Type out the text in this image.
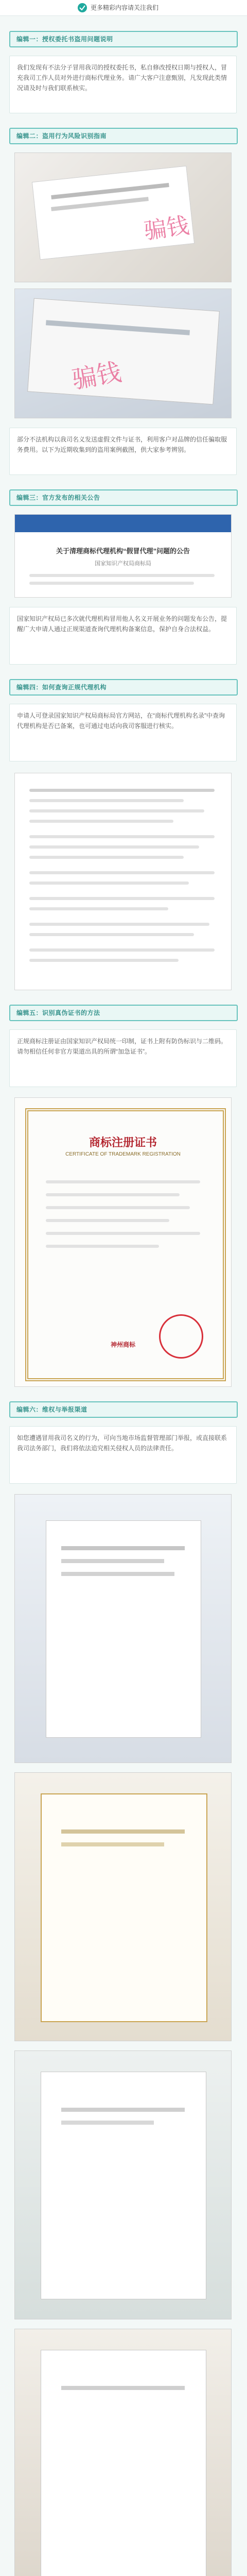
更多精彩内容请关注我们
编辑一：授权委托书盗用问题说明

我们发现有不法分子冒用我司的授权委托书，私自修改授权日期与授权人，冒充我司工作人员对外进行商标代理业务。请广大客户注意甄别，凡发现此类情况请及时与我们联系核实。

编辑二：盗用行为风险识别指南
骗钱
骗钱

部分不法机构以我司名义发送虚假文件与证书，利用客户对品牌的信任骗取服务费用。以下为近期收集到的盗用案例截图，供大家参考辨别。

编辑三：官方发布的相关公告
关于清理商标代理机构“假冒代理”问题的公告
国家知识产权局商标局

国家知识产权局已多次就代理机构冒用他人名义开展业务的问题发布公告，提醒广大申请人通过正规渠道查询代理机构备案信息，保护自身合法权益。

编辑四：如何查询正规代理机构

申请人可登录国家知识产权局商标局官方网站，在“商标代理机构名录”中查询代理机构是否已备案，也可通过电话向我司客服进行核实。

编辑五：识别真伪证书的方法

正规商标注册证由国家知识产权局统一印制，证书上附有防伪标识与二维码。请勿相信任何非官方渠道出具的所谓“加急证书”。

商标注册证书
CERTIFICATE OF TRADEMARK REGISTRATION
神州商标
编辑六：维权与举报渠道

如您遭遇冒用我司名义的行为，可向当地市场监督管理部门举报，或直接联系我司法务部门，我们将依法追究相关侵权人员的法律责任。
